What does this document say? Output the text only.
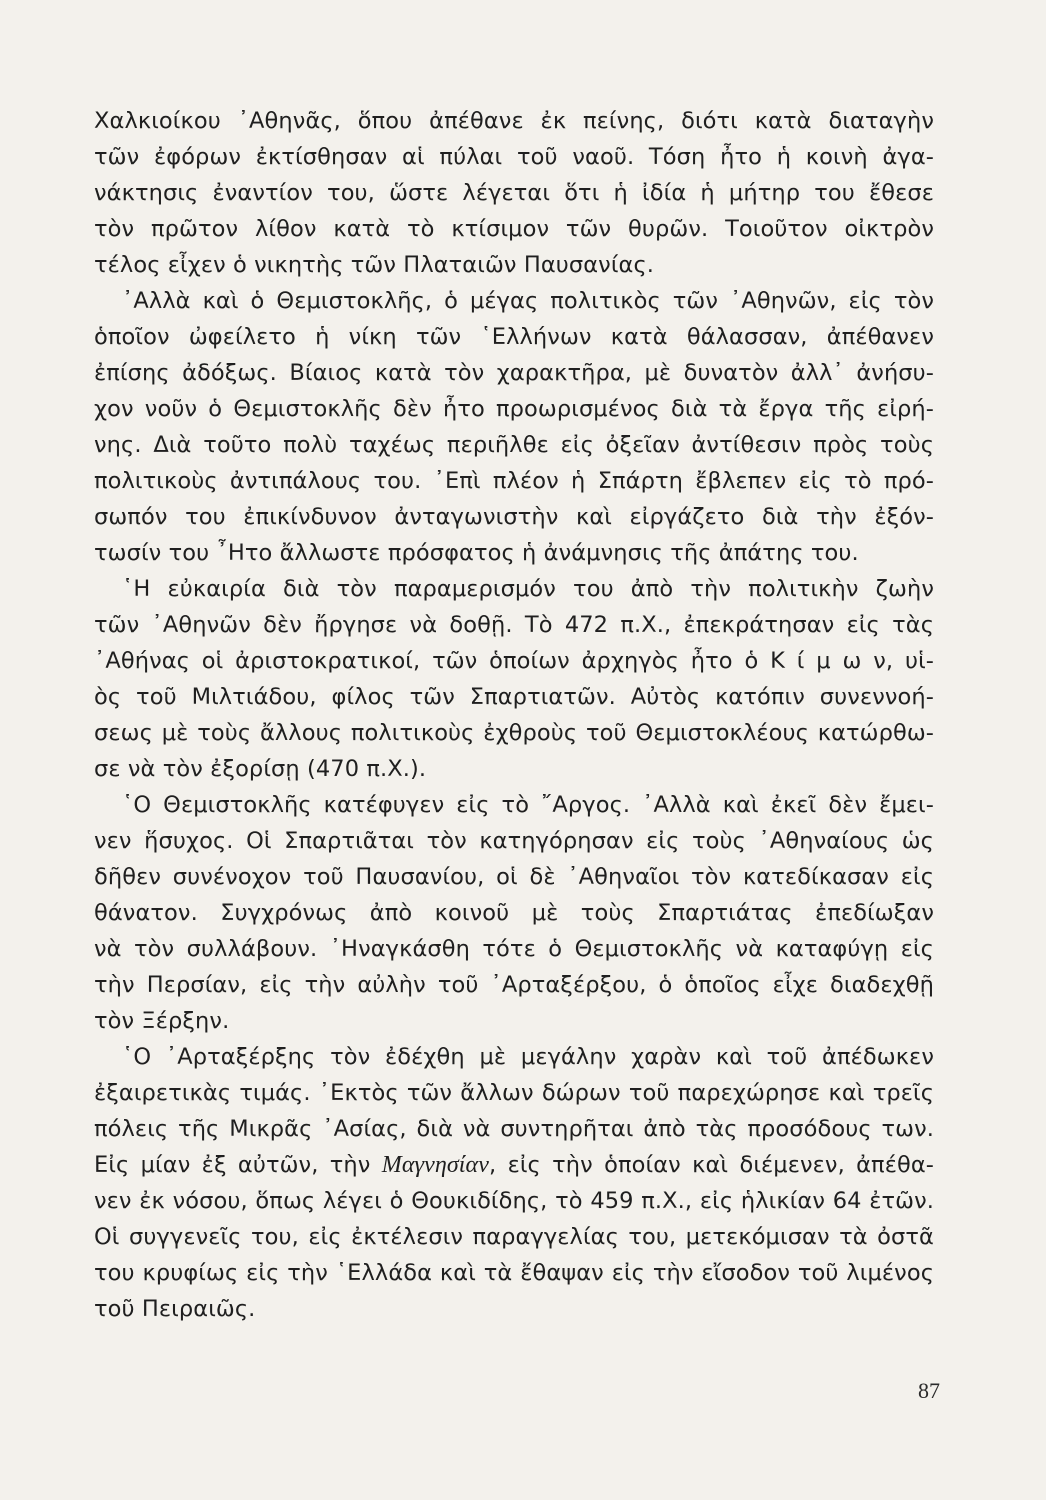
Χαλκιοίκου ᾿Αθηνᾶς, ὅπου ἀπέθανε ἐκ πείνης, διότι κατὰ διαταγὴν
τῶν ἐφόρων ἐκτίσθησαν αἱ πύλαι τοῦ ναοῦ. Τόση ἦτο ἡ κοινὴ ἀγα-
νάκτησις ἐναντίον του, ὥστε λέγεται ὅτι ἡ ἰδία ἡ μήτηρ του ἔθεσε
τὸν πρῶτον λίθον κατὰ τὸ κτίσιμον τῶν θυρῶν. Τοιοῦτον οἰκτρὸν
τέλος εἶχεν ὁ νικητὴς τῶν Πλαταιῶν Παυσανίας.
᾿Αλλὰ καὶ ὁ Θεμιστοκλῆς, ὁ μέγας πολιτικὸς τῶν ᾿Αθηνῶν, εἰς τὸν
ὁποῖον ὠφείλετο ἡ νίκη τῶν ῾Ελλήνων κατὰ θάλασσαν, ἀπέθανεν
ἐπίσης ἀδόξως. Βίαιος κατὰ τὸν χαρακτῆρα, μὲ δυνατὸν ἀλλ᾿ ἀνήσυ-
χον νοῦν ὁ Θεμιστοκλῆς δὲν ἦτο προωρισμένος διὰ τὰ ἔργα τῆς εἰρή-
νης. Διὰ τοῦτο πολὺ ταχέως περιῆλθε εἰς ὀξεῖαν ἀντίθεσιν πρὸς τοὺς
πολιτικοὺς ἀντιπάλους του. ᾿Επὶ πλέον ἡ Σπάρτη ἔβλεπεν εἰς τὸ πρό-
σωπόν του ἐπικίνδυνον ἀνταγωνιστὴν καὶ εἰργάζετο διὰ τὴν ἐξόν-
τωσίν του ῏Ητο ἄλλωστε πρόσφατος ἡ ἀνάμνησις τῆς ἀπάτης του.
῾Η εὐκαιρία διὰ τὸν παραμερισμόν του ἀπὸ τὴν πολιτικὴν ζωὴν
τῶν ᾿Αθηνῶν δὲν ἤργησε νὰ δοθῇ. Τὸ 472 π.Χ., ἐπεκράτησαν εἰς τὰς
᾿Αθήνας οἱ ἀριστοκρατικοί, τῶν ὁποίων ἀρχηγὸς ἦτο ὁ Κ ί μ ω ν, υἱ-
ὸς τοῦ Μιλτιάδου, φίλος τῶν Σπαρτιατῶν. Αὐτὸς κατόπιν συνεννοή-
σεως μὲ τοὺς ἄλλους πολιτικοὺς ἐχθροὺς τοῦ Θεμιστοκλέους κατώρθω-
σε νὰ τὸν ἐξορίσῃ (470 π.Χ.).
῾Ο Θεμιστοκλῆς κατέφυγεν εἰς τὸ ῎Αργος. ᾿Αλλὰ καὶ ἐκεῖ δὲν ἔμει-
νεν ἥσυχος. Οἱ Σπαρτιᾶται τὸν κατηγόρησαν εἰς τοὺς ᾿Αθηναίους ὡς
δῆθεν συνένοχον τοῦ Παυσανίου, οἱ δὲ ᾿Αθηναῖοι τὸν κατεδίκασαν εἰς
θάνατον. Συγχρόνως ἀπὸ κοινοῦ μὲ τοὺς Σπαρτιάτας ἐπεδίωξαν
νὰ τὸν συλλάβουν. ᾿Ηναγκάσθη τότε ὁ Θεμιστοκλῆς νὰ καταφύγῃ εἰς
τὴν Περσίαν, εἰς τὴν αὐλὴν τοῦ ᾿Αρταξέρξου, ὁ ὁποῖος εἶχε διαδεχθῇ
τὸν Ξέρξην.
῾Ο ᾿Αρταξέρξης τὸν ἐδέχθη μὲ μεγάλην χαρὰν καὶ τοῦ ἀπέδωκεν
ἐξαιρετικὰς τιμάς. ᾿Εκτὸς τῶν ἄλλων δώρων τοῦ παρεχώρησε καὶ τρεῖς
πόλεις τῆς Μικρᾶς ᾿Ασίας, διὰ νὰ συντηρῆται ἀπὸ τὰς προσόδους των.
Εἰς μίαν ἐξ αὐτῶν, τὴν Μαγνησίαν, εἰς τὴν ὁποίαν καὶ διέμενεν, ἀπέθα-
νεν ἐκ νόσου, ὅπως λέγει ὁ Θουκιδίδης, τὸ 459 π.Χ., εἰς ἡλικίαν 64 ἐτῶν.
Οἱ συγγενεῖς του, εἰς ἐκτέλεσιν παραγγελίας του, μετεκόμισαν τὰ ὀστᾶ
του κρυφίως εἰς τὴν ῾Ελλάδα καὶ τὰ ἔθαψαν εἰς τὴν εἴσοδον τοῦ λιμένος
τοῦ Πειραιῶς.
87
